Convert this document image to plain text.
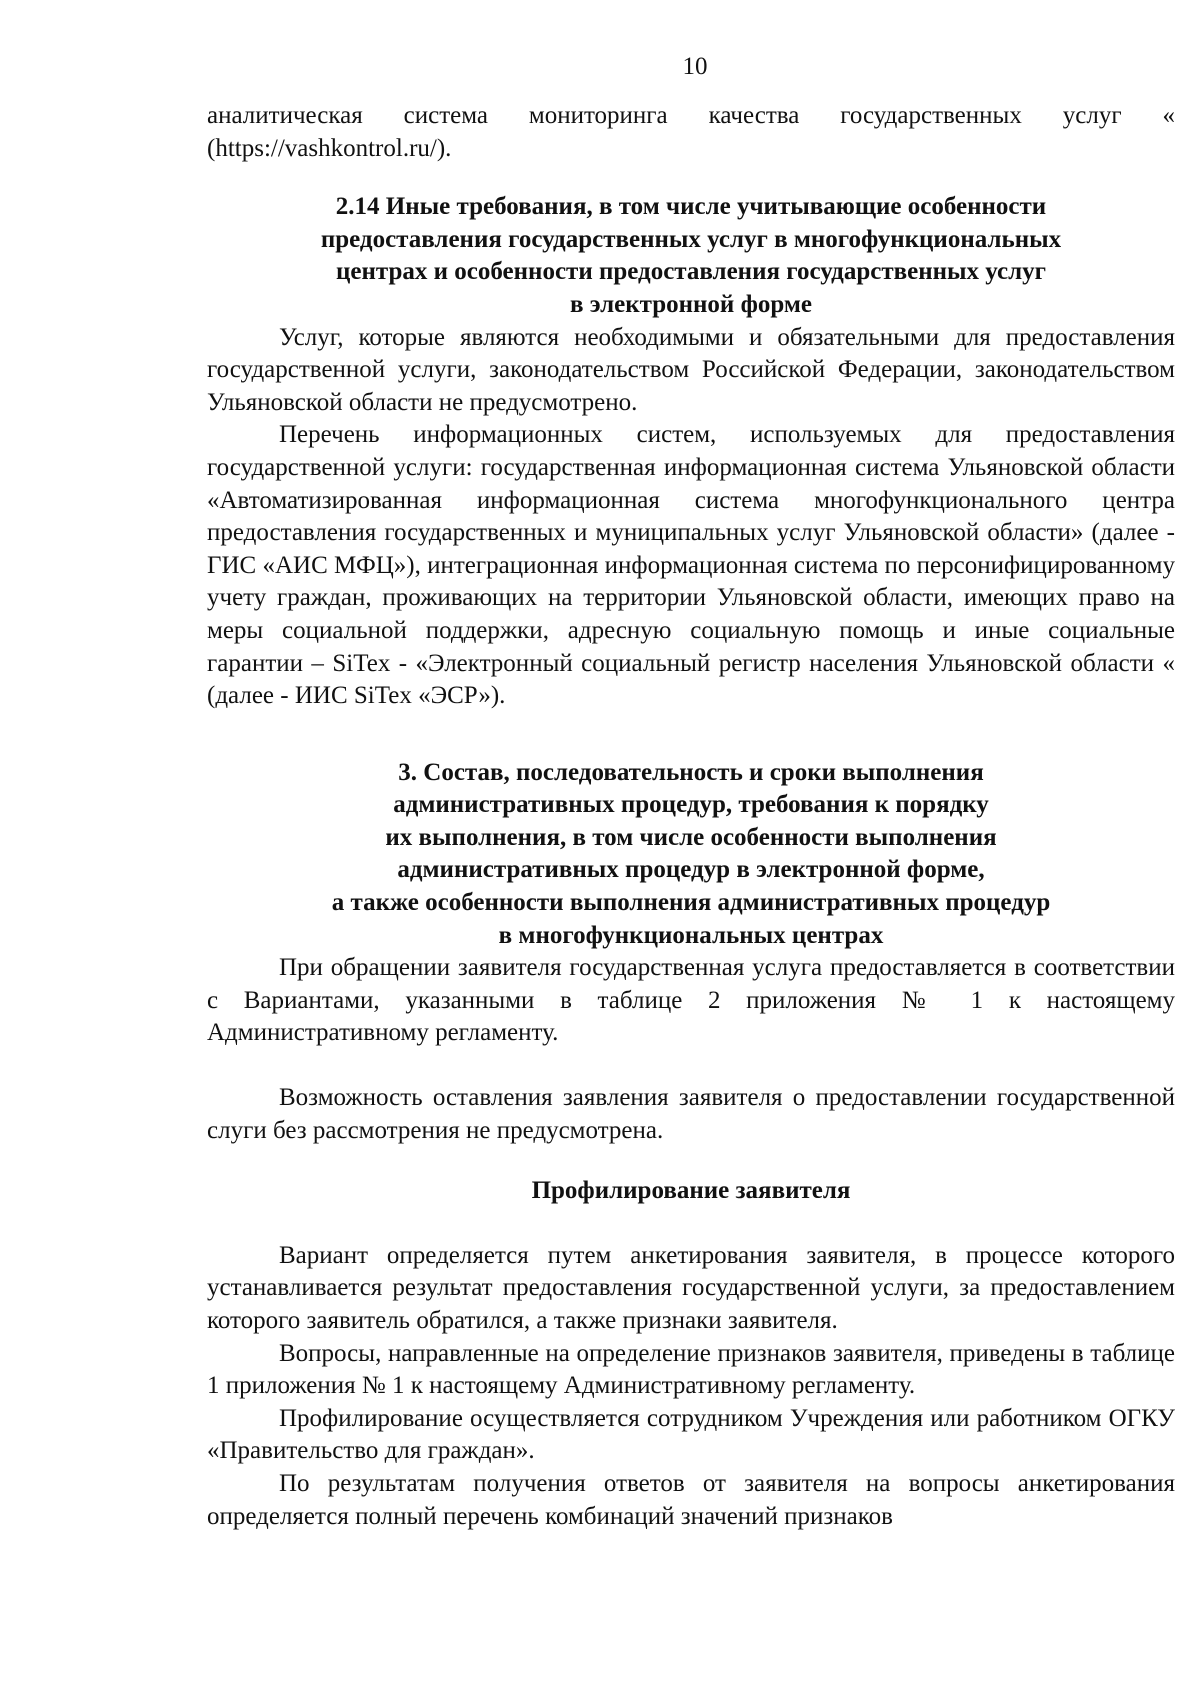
10

аналитическая система мониторинга качества государственных услуг « (https://vashkontrol.ru/).

2.14 Иные требования, в том числе учитывающие особенности
предоставления государственных услуг в многофункциональных
центрах и особенности предоставления государственных услуг
в электронной форме

Услуг, которые являются необходимыми и обязательными для предоставления государственной услуги, законодательством Российской Федерации, законодательством Ульяновской области не предусмотрено.

Перечень информационных систем, используемых для предоставления государственной услуги: государственная информационная система Ульяновской области «Автоматизированная информационная система многофункционального центра предоставления государственных и муниципальных услуг Ульяновской области» (далее - ГИС «АИС МФЦ»), интеграционная информационная система по персонифицированному учету граждан, проживающих на территории Ульяновской области, имеющих право на меры социальной поддержки, адресную социальную помощь и иные социальные гарантии – SiTex - «Электронный социальный регистр населения Ульяновской области « (далее - ИИС SiTex «ЭСР»).

3. Состав, последовательность и сроки выполнения
административных процедур, требования к порядку
их выполнения, в том числе особенности выполнения
административных процедур в электронной форме,
а также особенности выполнения административных процедур
в многофункциональных центрах

При обращении заявителя государственная услуга предоставляется в соответствии с Вариантами, указанными в таблице 2 приложения № 1 к настоящему Административному регламенту.

Возможность оставления заявления заявителя о предоставлении государственной слуги без рассмотрения не предусмотрена.

Профилирование заявителя

Вариант определяется путем анкетирования заявителя, в процессе которого устанавливается результат предоставления государственной услуги, за предоставлением которого заявитель обратился, а также признаки заявителя.

Вопросы, направленные на определение признаков заявителя, приведены в таблице 1 приложения № 1 к настоящему Административному регламенту.

Профилирование осуществляется сотрудником Учреждения или работником ОГКУ «Правительство для граждан».

По результатам получения ответов от заявителя на вопросы анкетирования определяется полный перечень комбинаций значений признаков
